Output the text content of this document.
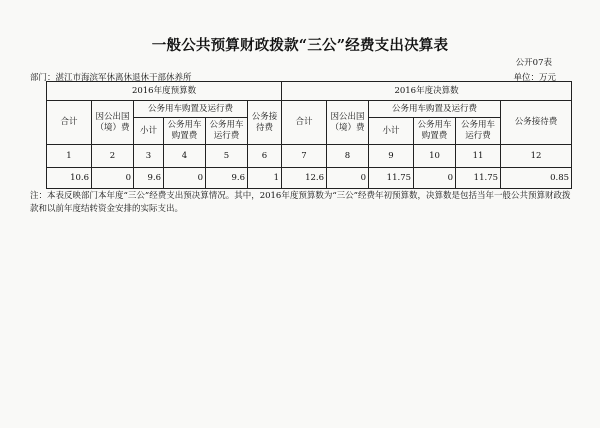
一般公共预算财政拨款“三公”经费支出决算表
公开07表
部门：湛江市海滨军休离休退休干部休养所	单位：万元
2016年度预算数						2016年度决算数					
合计	因公出国（境）费	公务用车购置及运行费			公务接待费	合计	因公出国（境）费	公务用车购置及运行费			公务接待费
		小计	公务用车购置费	公务用车运行费				小计	公务用车购置费	公务用车运行费	
1	2	3	4	5	6	7	8	9	10	11	12
10.6	0	9.6	0	9.6	1	12.6	0	11.75	0	11.75	0.85
注：本表反映部门本年度“三公”经费支出预决算情况。其中，2016年度预算数为“三公”经费年初预算数，决算数是包括当年一般公共预算财政拨款和以前年度结转资金安排的实际支出。
